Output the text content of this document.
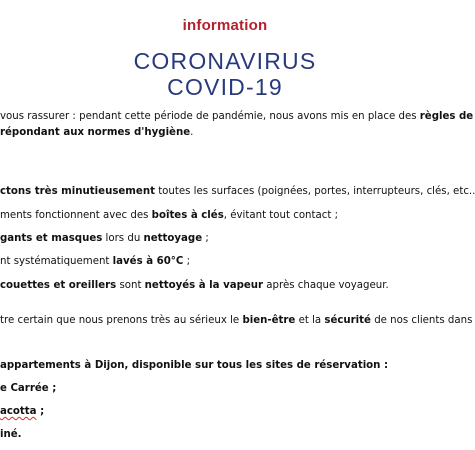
information
CORONAVIRUS
COVID-19
vous rassurer : pendant cette période de pandémie, nous avons mis en place des règles de
répondant aux normes d'hygiène.
ctons très minutieusement toutes les surfaces (poignées, portes, interrupteurs, clés, etc..
ments fonctionnent avec des boîtes à clés, évitant tout contact ;
gants et masques lors du nettoyage ;
nt systématiquement lavés à 60°C ;
couettes et oreillers sont nettoyés à la vapeur après chaque voyageur.
tre certain que nous prenons très au sérieux le bien-être et la sécurité de nos clients dans
appartements à Dijon, disponible sur tous les sites de réservation :
e Carrée ;
acotta ;
iné.
